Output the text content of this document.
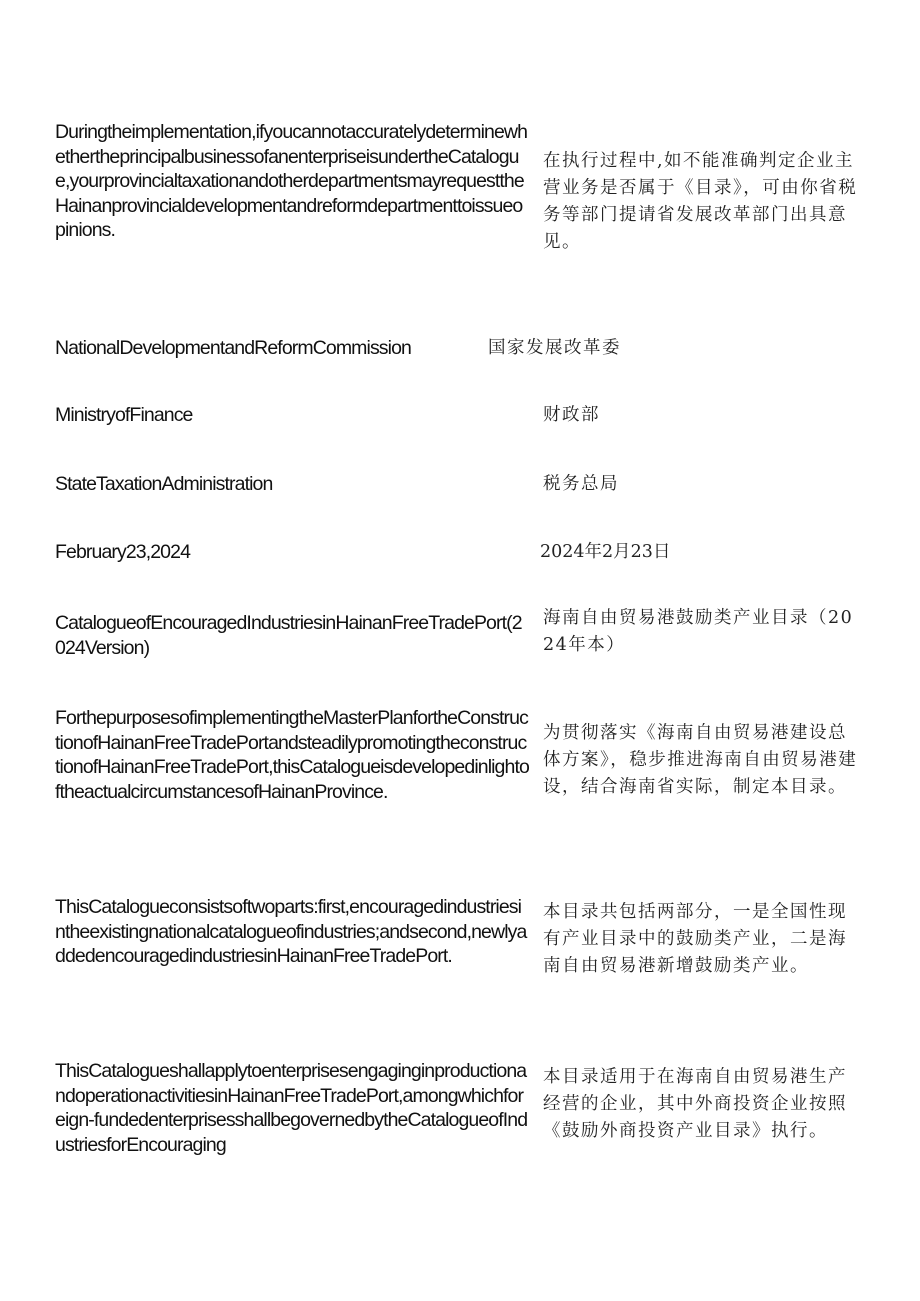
Duringtheimplementation,ifyoucannotaccuratelydeterminewhethertheprincipalbusinessofanenterpriseisundertheCatalogue,yourprovincialtaxationandotherdepartmentsmayrequesttheHainanprovincialdevelopmentandreformdepartmenttoissueopinions.
在执行过程中,如不能准确判定企业主营业务是否属于《目录》，可由你省税务等部门提请省发展改革部门出具意见。
NationalDevelopmentandReformCommission	国家发展改革委
MinistryofFinance	财政部
StateTaxationAdministration	税务总局
February23,2024	2024年2月23日
CatalogueofEncouragedIndustriesinHainanFreeTradePort(2024Version)
海南自由贸易港鼓励类产业目录（2024年本）
ForthepurposesofimplementingtheMasterPlanfortheConstructionofHainanFreeTradePortandsteadilypromotingtheconstructionofHainanFreeTradePort,thisCatalogueisdevelopedinlightoftheactualcircumstancesofHainanProvince.
为贯彻落实《海南自由贸易港建设总体方案》，稳步推进海南自由贸易港建设，结合海南省实际，制定本目录。
ThisCatalogueconsistsoftwoparts:first,encouragedindustriesintheexistingnationalcatalogueofindustries;andsecond,newlyaddedencouragedindustriesinHainanFreeTradePort.
本目录共包括两部分，一是全国性现有产业目录中的鼓励类产业，二是海南自由贸易港新增鼓励类产业。
ThisCatalogueshallapplytoenterprisesengaginginproductionandoperationactivitiesinHainanFreeTradePort,amongwhichforeign-fundedenterprisesshallbegovernedbytheCatalogueofIndustriesforEncouraging
本目录适用于在海南自由贸易港生产经营的企业，其中外商投资企业按照《鼓励外商投资产业目录》执行。
